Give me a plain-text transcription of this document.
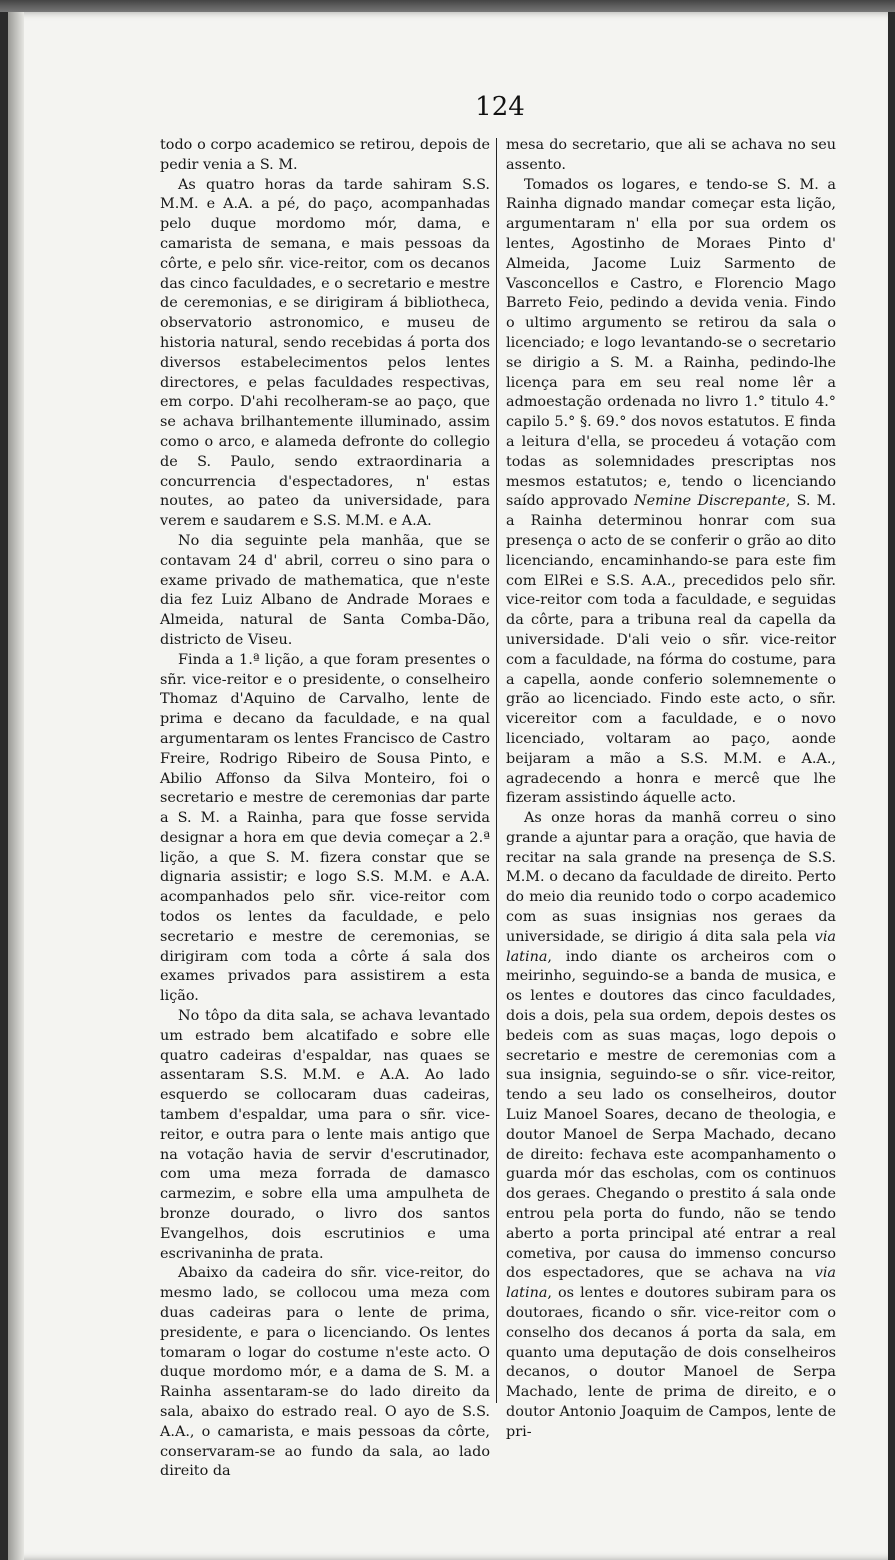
124

todo o corpo academico se retirou, depois de pedir venia a S. M.

As quatro horas da tarde sahiram S.S. M.M. e A.A. a pé, do paço, acompanhadas pelo duque mordomo mór, dama, e camarista de semana, e mais pessoas da côrte, e pelo sñr. vice-reitor, com os decanos das cinco faculdades, e o secretario e mestre de ceremonias, e se dirigiram á bibliotheca, observatorio astronomico, e museu de historia natural, sendo recebidas á porta dos diversos estabelecimentos pelos lentes directores, e pelas faculdades respectivas, em corpo. D'ahi recolheram-se ao paço, que se achava brilhantemente illuminado, assim como o arco, e alameda defronte do collegio de S. Paulo, sendo extraordinaria a concurrencia d'espectadores, n' estas noutes, ao pateo da universidade, para verem e saudarem e S.S. M.M. e A.A.

No dia seguinte pela manhãa, que se contavam 24 d' abril, correu o sino para o exame privado de mathematica, que n'este dia fez Luiz Albano de Andrade Moraes e Almeida, natural de Santa Comba-Dão, districto de Viseu.

Finda a 1.ª lição, a que foram presentes o sñr. vice-reitor e o presidente, o conselheiro Thomaz d'Aquino de Carvalho, lente de prima e decano da faculdade, e na qual argumentaram os lentes Francisco de Castro Freire, Rodrigo Ribeiro de Sousa Pinto, e Abilio Affonso da Silva Monteiro, foi o secretario e mestre de ceremonias dar parte a S. M. a Rainha, para que fosse servida designar a hora em que devia começar a 2.ª lição, a que S. M. fizera constar que se dignaria assistir; e logo S.S. M.M. e A.A. acompanhados pelo sñr. vice-reitor com todos os lentes da faculdade, e pelo secretario e mestre de ceremonias, se dirigiram com toda a côrte á sala dos exames privados para assistirem a esta lição.

No tôpo da dita sala, se achava levantado um estrado bem alcatifado e sobre elle quatro cadeiras d'espaldar, nas quaes se assentaram S.S. M.M. e A.A. Ao lado esquerdo se collocaram duas cadeiras, tambem d'espaldar, uma para o sñr. vice-reitor, e outra para o lente mais antigo que na votação havia de servir d'escrutinador, com uma meza forrada de damasco carmezim, e sobre ella uma ampulheta de bronze dourado, o livro dos santos Evangelhos, dois escrutinios e uma escrivaninha de prata.

Abaixo da cadeira do sñr. vice-reitor, do mesmo lado, se collocou uma meza com duas cadeiras para o lente de prima, presidente, e para o licenciando. Os lentes tomaram o logar do costume n'este acto. O duque mordomo mór, e a dama de S. M. a Rainha assentaram-se do lado direito da sala, abaixo do estrado real. O ayo de S.S. A.A., o camarista, e mais pessoas da côrte, conservaram-se ao fundo da sala, ao lado direito da

mesa do secretario, que ali se achava no seu assento.

Tomados os logares, e tendo-se S. M. a Rainha dignado mandar começar esta lição, argumentaram n' ella por sua ordem os lentes, Agostinho de Moraes Pinto d' Almeida, Jacome Luiz Sarmento de Vasconcellos e Castro, e Florencio Mago Barreto Feio, pedindo a devida venia. Findo o ultimo argumento se retirou da sala o licenciado; e logo levantando-se o secretario se dirigio a S. M. a Rainha, pedindo-lhe licença para em seu real nome lêr a admoestação ordenada no livro 1.° titulo 4.° capilo 5.° §. 69.° dos novos estatutos. E finda a leitura d'ella, se procedeu á votação com todas as solemnidades prescriptas nos mesmos estatutos; e, tendo o licenciando saído approvado Nemine Discrepante, S. M. a Rainha determinou honrar com sua presença o acto de se conferir o grão ao dito licenciando, encaminhando-se para este fim com ElRei e S.S. A.A., precedidos pelo sñr. vice-reitor com toda a faculdade, e seguidas da côrte, para a tribuna real da capella da universidade. D'ali veio o sñr. vice-reitor com a faculdade, na fórma do costume, para a capella, aonde conferio solemnemente o grão ao licenciado. Findo este acto, o sñr. vicereitor com a faculdade, e o novo licenciado, voltaram ao paço, aonde beijaram a mão a S.S. M.M. e A.A., agradecendo a honra e mercê que lhe fizeram assistindo áquelle acto.

As onze horas da manhã correu o sino grande a ajuntar para a oração, que havia de recitar na sala grande na presença de S.S. M.M. o decano da faculdade de direito. Perto do meio dia reunido todo o corpo academico com as suas insignias nos geraes da universidade, se dirigio á dita sala pela via latina, indo diante os archeiros com o meirinho, seguindo-se a banda de musica, e os lentes e doutores das cinco faculdades, dois a dois, pela sua ordem, depois destes os bedeis com as suas maças, logo depois o secretario e mestre de ceremonias com a sua insignia, seguindo-se o sñr. vice-reitor, tendo a seu lado os conselheiros, doutor Luiz Manoel Soares, decano de theologia, e doutor Manoel de Serpa Machado, decano de direito: fechava este acompanhamento o guarda mór das escholas, com os continuos dos geraes. Chegando o prestito á sala onde entrou pela porta do fundo, não se tendo aberto a porta principal até entrar a real cometiva, por causa do immenso concurso dos espectadores, que se achava na via latina, os lentes e doutores subiram para os doutoraes, ficando o sñr. vice-reitor com o conselho dos decanos á porta da sala, em quanto uma deputação de dois conselheiros decanos, o doutor Manoel de Serpa Machado, lente de prima de direito, e o doutor Antonio Joaquim de Campos, lente de pri-
